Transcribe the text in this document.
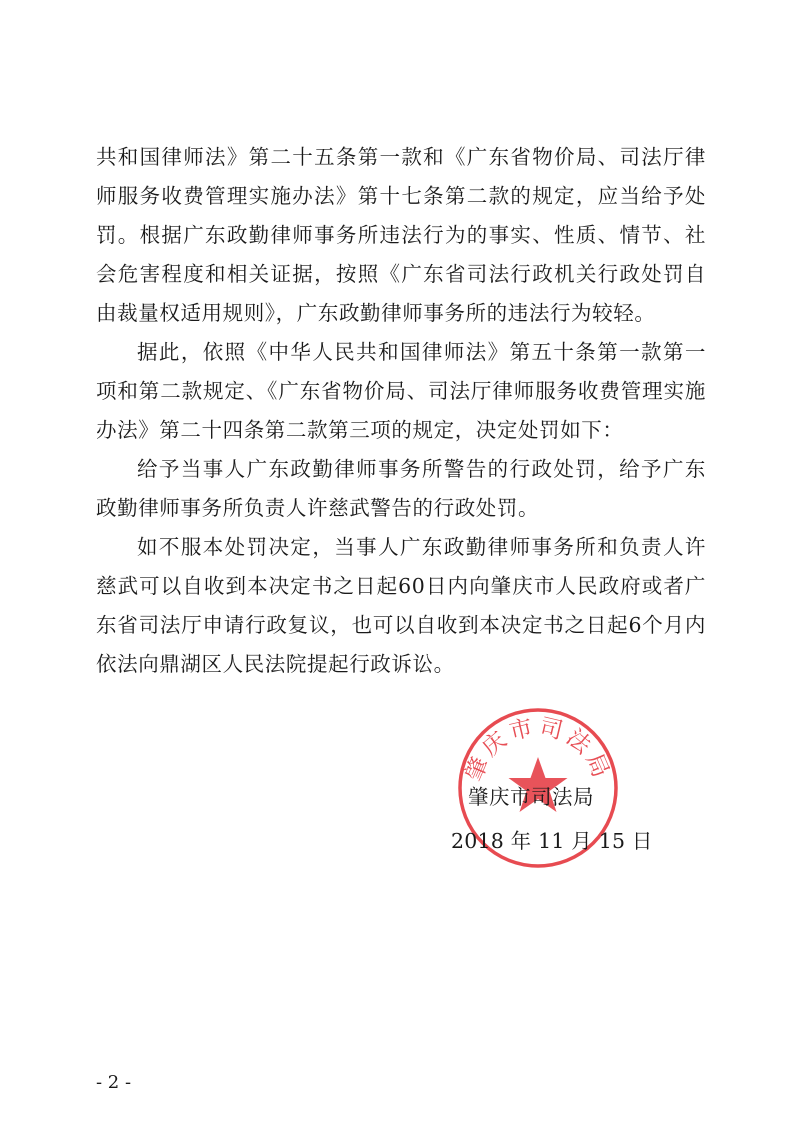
共和国律师法》第二十五条第一款和《广东省物价局、司法厅律师服务收费管理实施办法》第十七条第二款的规定，应当给予处罚。根据广东政勤律师事务所违法行为的事实、性质、情节、社会危害程度和相关证据，按照《广东省司法行政机关行政处罚自由裁量权适用规则》，广东政勤律师事务所的违法行为较轻。

据此，依照《中华人民共和国律师法》第五十条第一款第一项和第二款规定、《广东省物价局、司法厅律师服务收费管理实施办法》第二十四条第二款第三项的规定，决定处罚如下：

给予当事人广东政勤律师事务所警告的行政处罚，给予广东政勤律师事务所负责人许慈武警告的行政处罚。

如不服本处罚决定，当事人广东政勤律师事务所和负责人许慈武可以自收到本决定书之日起60日内向肇庆市人民政府或者广东省司法厅申请行政复议，也可以自收到本决定书之日起6个月内依法向鼎湖区人民法院提起行政诉讼。

肇庆市司法局
肇庆市司法局
2018 年 11 月 15 日
- 2 -
